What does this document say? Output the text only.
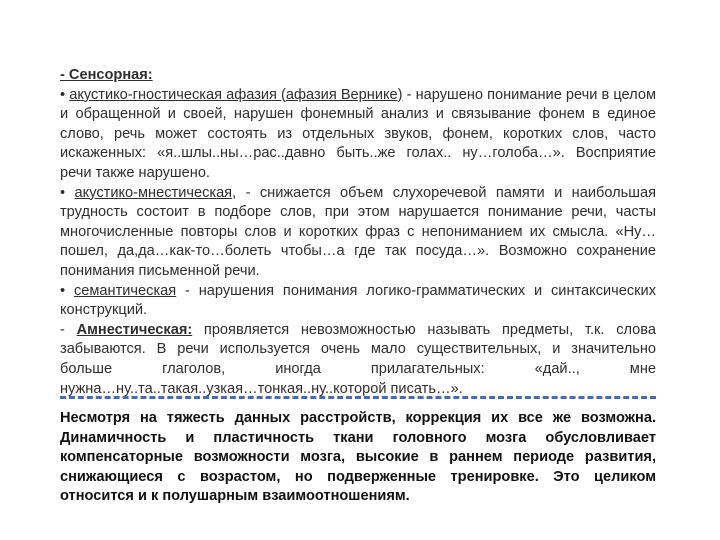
- Сенсорная:

• акустико-гностическая афазия (афазия Вернике) - нарушено понимание речи в целом и обращенной и своей, нарушен фонемный анализ и связывание фонем в единое слово, речь может состоять из отдельных звуков, фонем, коротких слов, часто искаженных: «я..шлы..ны…рас..давно быть..же голах.. ну…голоба…». Восприятие речи также нарушено.

• акустико-мнестическая, - снижается объем слухоречевой памяти и наибольшая трудность состоит в подборе слов, при этом нарушается понимание речи, часты многочисленные повторы слов и коротких фраз с непониманием их смысла. «Ну…пошел, да,да…как-то…болеть чтобы…а где так посуда…». Возможно сохранение понимания письменной речи.

• семантическая - нарушения понимания логико-грамматических и синтаксических конструкций.

- Амнестическая: проявляется невозможностью называть предметы, т.к. слова забываются. В речи используется очень мало существительных, и значительно больше глаголов, иногда прилагательных: «дай.., мне

нужна…ну..та..такая..узкая…тонкая..ну..которой писать…».

Несмотря на тяжесть данных расстройств, коррекция их все же возможна. Динамичность и пластичность ткани головного мозга обусловливает компенсаторные возможности мозга, высокие в раннем периоде развития, снижающиеся с возрастом, но подверженные тренировке. Это целиком относится и к полушарным взаимоотношениям.
